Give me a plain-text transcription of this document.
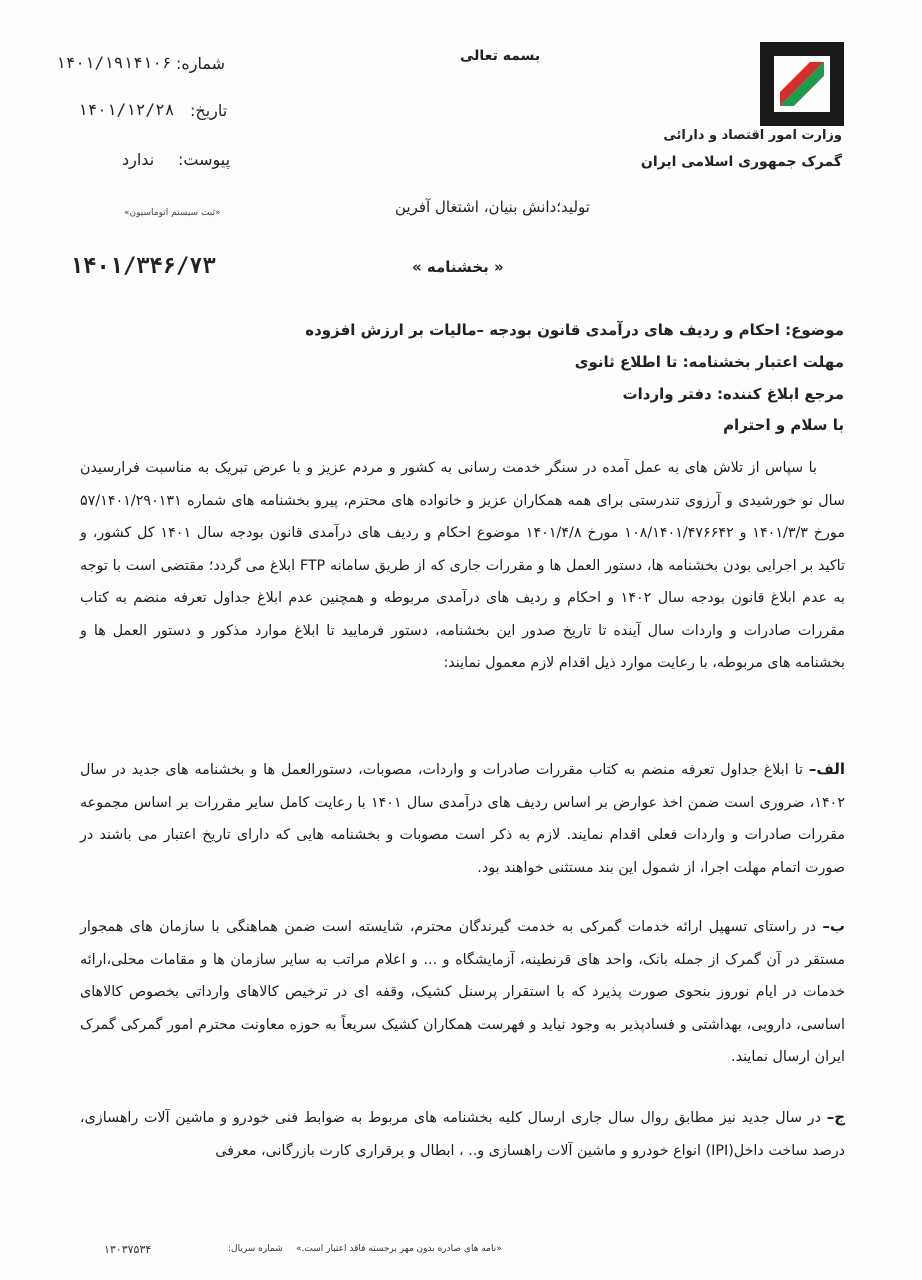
وزارت امور اقتصاد و دارائی
گمرک جمهوری اسلامی ایران
بسمه تعالی
شماره:
۱۴۰۱/۱۹۱۴۱۰۶
تاریخ:
۱۴۰۱/۱۲/۲۸
پیوست:
ندارد
«ثبت سیستم اتوماسیون»	تولید؛دانش بنیان، اشتغال آفرین
« بخشنامه »
۱۴۰۱/۳۴۶/۷۳
موضوع: احکام و ردیف های درآمدی قانون بودجه –مالیات بر ارزش افزوده
مهلت اعتبار بخشنامه: تا اطلاع ثانوی
مرجع ابلاغ کننده: دفتر واردات
با سلام و احترام

با سپاس از تلاش های به عمل آمده در سنگر خدمت رسانی به کشور و مردم عزیز و با عرض تبریک به مناسبت فرارسیدن سال نو خورشیدی و آرزوی تندرستی برای همه همکاران عزیز و خانواده های محترم، پیرو بخشنامه های شماره ۵۷/۱۴۰۱/۲۹۰۱۳۱ مورخ ۱۴۰۱/۳/۳ و ۱۰۸/۱۴۰۱/۴۷۶۶۴۲ مورخ ۱۴۰۱/۴/۸ موضوع احکام و ردیف های درآمدی قانون بودجه سال ۱۴۰۱ کل کشور، و تاکید بر اجرایی بودن بخشنامه ها، دستور العمل ها و مقررات جاری که از طریق سامانه FTP ابلاغ می گردد؛ مقتضی است با توجه به عدم ابلاغ قانون بودجه سال ۱۴۰۲ و احکام و ردیف های درآمدی مربوطه و همچنین عدم ابلاغ جداول تعرفه منضم به کتاب مقررات صادرات و واردات سال آینده تا تاریخ صدور این بخشنامه، دستور فرمایید تا ابلاغ موارد مذکور و دستور العمل ها و بخشنامه های مربوطه، با رعایت موارد ذیل اقدام لازم معمول نمایند:

الف– تا ابلاغ جداول تعرفه منضم به کتاب مقررات صادرات و واردات، مصوبات، دستورالعمل ها و بخشنامه های جدید در سال ۱۴۰۲، ضروری است ضمن اخذ عوارض بر اساس ردیف های درآمدی سال ۱۴۰۱ با رعایت کامل سایر مقررات بر اساس مجموعه مقررات صادرات و واردات فعلی اقدام نمایند. لازم به ذکر است مصوبات و بخشنامه هایی که دارای تاریخ اعتبار می باشند در صورت اتمام مهلت اجرا، از شمول این بند مستثنی خواهند بود.

ب– در راستای تسهیل ارائه خدمات گمرکی به خدمت گیرندگان محترم، شایسته است ضمن هماهنگی با سازمان های همجوار مستقر در آن گمرک از جمله بانک، واحد های قرنطینه، آزمایشگاه و ... و اعلام مراتب به سایر سازمان ها و مقامات محلی،ارائه خدمات در ایام نوروز بنحوی صورت پذیرد که با استقرار پرسنل کشیک، وقفه ای در ترخیص کالاهای وارداتی بخصوص کالاهای اساسی، دارویی، بهداشتی و فسادپذیر به وجود نیاید و فهرست همکاران کشیک سریعاً به حوزه معاونت محترم امور گمرکی گمرک ایران ارسال نمایند.

ج– در سال جدید نیز مطابق روال سال جاری ارسال کلیه بخشنامه های مربوط به ضوابط فنی خودرو و ماشین آلات راهسازی، درصد ساخت داخل(IPI) انواع خودرو و ماشین آلات راهسازی و.. ، ابطال و برقراری کارت بازرگانی، معرفی

«نامه های صادره بدون مهر برجسته فاقد اعتبار است.»
شماره سریال:
۱۳۰۳۷۵۳۴
